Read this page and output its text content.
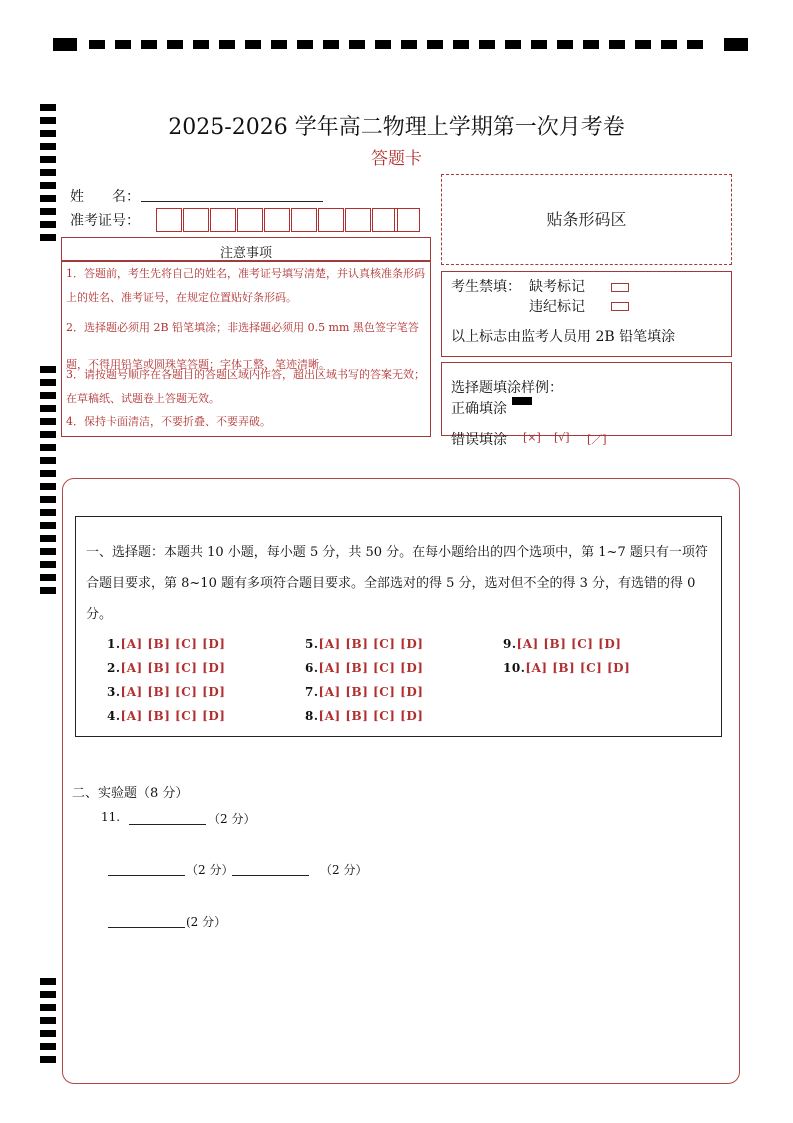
2025-2026 学年高二物理上学期第一次月考卷
答题卡
姓　　名：
准考证号：	贴条形码区
注意事项
1．答题前，考生先将自己的姓名，准考证号填写清楚，并认真核准条形码上的姓名、准考证号，在规定位置贴好条形码。
2．选择题必须用 2B 铅笔填涂；非选择题必须用 0.5 mm 黑色签字笔答题，不得用铅笔或圆珠笔答题；字体工整、笔迹清晰。
3．请按题号顺序在各题目的答题区域内作答，超出区域书写的答案无效；在草稿纸、试题卷上答题无效。
4．保持卡面清洁，不要折叠、不要弄破。
考生禁填： 缺考标记
违纪标记
以上标志由监考人员用 2B 铅笔填涂
选择题填涂样例：
正确填涂
错误填涂 [×] [√] [／]
一、选择题：本题共 10 小题，每小题 5 分，共 50 分。在每小题给出的四个选项中，第 1~7 题只有一项符合题目要求，第 8~10 题有多项符合题目要求。全部选对的得 5 分，选对但不全的得 3 分，有选错的得 0 分。
1.[A] [B] [C] [D]
2.[A] [B] [C] [D]
3.[A] [B] [C] [D]
4.[A] [B] [C] [D]
5.[A] [B] [C] [D]
6.[A] [B] [C] [D]
7.[A] [B] [C] [D]
8.[A] [B] [C] [D]
9.[A] [B] [C] [D]
10.[A] [B] [C] [D]
二、实验题（8 分）
11.	（2 分）
（2 分）	（2 分）
(2 分）
